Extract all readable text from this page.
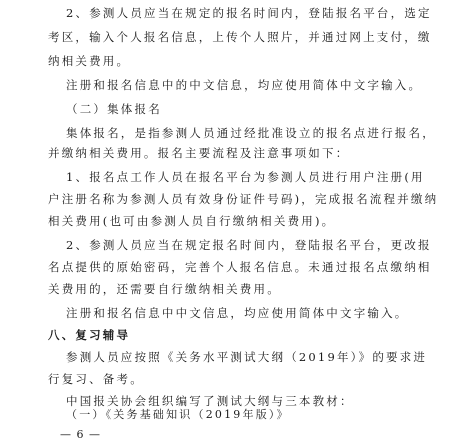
2、参测人员应当在规定的报名时间内，登陆报名平台，选定
考区，输入个人报名信息，上传个人照片，并通过网上支付，缴
纳相关费用。
注册和报名信息中的中文信息，均应使用简体中文字输入。
（二）集体报名
集体报名，是指参测人员通过经批准设立的报名点进行报名，
并缴纳相关费用。报名主要流程及注意事项如下：
1、报名点工作人员在报名平台为参测人员进行用户注册(用
户注册名称为参测人员有效身份证件号码)，完成报名流程并缴纳
相关费用(也可由参测人员自行缴纳相关费用)。
2、参测人员应当在规定报名时间内，登陆报名平台，更改报
名点提供的原始密码，完善个人报名信息。未通过报名点缴纳相
关费用的，还需要自行缴纳相关费用。
注册和报名信息中中文信息，均应使用简体中文字输入。
八、复习辅导
参测人员应按照《关务水平测试大纲（2019年）》的要求进
行复习、备考。
中国报关协会组织编写了测试大纲与三本教材：
（一）《关务基础知识（2019年版）》
— 6 —
